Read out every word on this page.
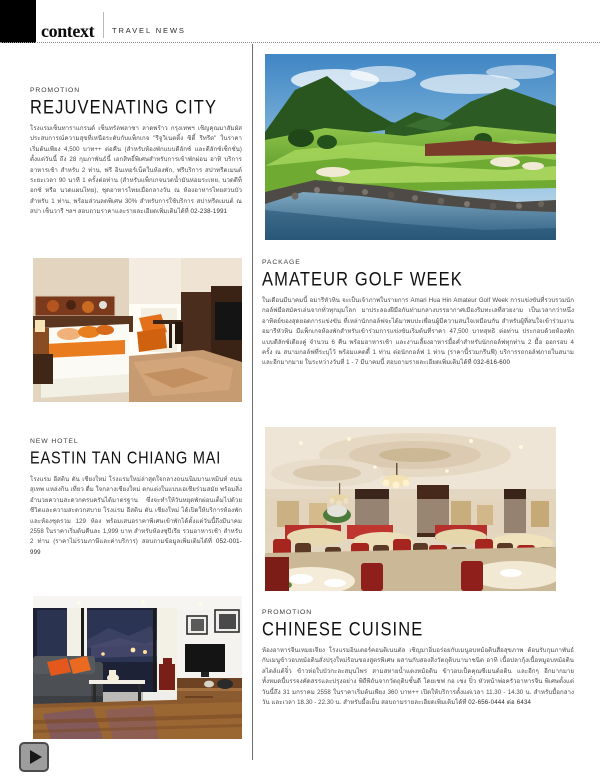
context TRAVEL NEWS
PROMOTION
REJUVENATING CITY
โรงแรมเซ็นทาราแกรนด์ เซ็นทรัลพลาซา ลาดพร้าว กรุงเทพฯ เชิญคุณมาสัมผัสประสบการณ์ความสุขที่เหนือระดับกับแพ็กเกจ "รีจูวิเนตติ้ง ซิตี้ รีทรีต" ในราคาเริ่มต้นเพียง 4,500 บาท++ ต่อคืน (สำหรับห้องพักแบบดีลักซ์ และดีลักซ์เซ็กชั่น) ตั้งแต่วันนี้ ถึง 28 กุมภาพันธ์นี้ เอกสิทธิ์พิเศษสำหรับการเข้าพักผ่อน อาทิ บริการอาหารเช้า สำหรับ 2 ท่าน, ฟรี อินเทอร์เน็ตในห้องพัก, ฟรีบริการ สปาทรีตเมนต์ ระยะเวลา 90 นาที 1 ครั้งต่อท่าน (สำหรับแพ็กเกจนวดน้ำมันหอมระเหย, นวดดีท็อกซ์ หรือ นวดแผนไทย), ชุดอาหารไทยเมื่อกลางวัน ณ ห้องอาหารไทยสวนบัว สำหรับ 1 ท่าน, พร้อมส่วนลดพิเศษ 30% สำหรับการใช้บริการ สปาทรีตเมนต์ ณ สปา เซ็นวารี ฯลฯ สอบถามราคาและรายละเอียดเพิ่มเติมได้ที่ 02-238-1991
PACKAGE
AMATEUR GOLF WEEK
ในเดือนมีนาคมนี้ อมารีหัวหิน จะเป็นเจ้าภาพในรายการ Amari Hua Hin Amateur Golf Week การแข่งขันที่รวบรวมนักกอล์ฟมือสมัครเล่นจากทั่วทุกมุมโลก มาประลองฝีมือกันท่ามกลางบรรยากาศเมืองริมทะเลที่สวยงาม เป็นเวลากว่าหนึ่งอาทิตย์ของสุดยอดการแข่งขัน ที่เหล่านักกอล์ฟจะได้มาพบปะเพื่อนผู้มีความสนใจเหมือนกัน สำหรับผู้ที่สนใจเข้าร่วมงาน อมารีหัวหิน มีแพ็กเกจห้องพักสำหรับเข้าร่วมการแข่งขันเริ่มต้นที่ราคา 47,500 บาทสุทธิ ต่อท่าน ประกอบด้วยห้องพักแบบดีลักซ์เตียงคู่ จำนวน 6 คืน พร้อมอาหารเช้า และงานเลี้ยงอาหารมื้อค่ำสำหรับนักกอล์ฟทุกท่าน 2 มื้อ ออกรอบ 4 ครั้ง ณ สนามกอล์ฟที่ระบุไว้ พร้อมแคดดี้ 1 ท่าน ต่อนักกอล์ฟ 1 ท่าน (ราคานี้รวมกรีนฟี) บริการรถกอล์ฟภายในสนาม และอีกมากมาย ในระหว่างวันที่ 1 - 7 มีนาคมนี้ สอบถามรายละเอียดเพิ่มเติมได้ที่ 032-616-600
NEW HOTEL
EASTIN TAN CHIANG MAI
โรงแรม อีสติน ตัน เชียงใหม่ โรงแรมใหม่ล่าสุดใจกลางถนนนิมมานเหมินท์ ถนนสุเทพ แหล่งกิน เที่ยว ดื่ม ใจกลางเชียงใหม่ ตกแต่งในแบบเอเชียร่วมสมัย พร้อมสิ่งอำนวยความสะดวกครบครันได้มาตรฐาน ซึ่งจะทำให้วันหยุดพักผ่อนเต็มไปด้วยชีวิตและความสะดวกสบาย โรงแรม อีสติน ตัน เชียงใหม่ ได้เปิดให้บริการห้องพักและห้องชุดรวม 129 ห้อง พร้อมเสนอราคาพิเศษเข้าพักได้ตั้งแต่วันนี้ถึงมีนาคม 2558 ในราคาเริ่มต้นคืนละ 1,999 บาท สำหรับห้องซุปีเรีย รวมอาหารเช้า สำหรับ 2 ท่าน (ราคาไม่รวมภาษีและค่าบริการ) สอบถามข้อมูลเพิ่มเติมได้ที่ 052-001-999
PROMOTION
CHINESE CUISINE
ห้องอาหารจีนเหมยเจียง โรงแรมอินเตอร์คอนติเนนตัล เชิญมาอิ่มอร่อยกับเมนูอบหม้อดินสื่อสุขภาพ ต้อนรับกุมภาพันธ์ กับเมนูข้าวอบหม้อดินสั่งปรุงใหม่ร้อนของสูตรพิเศษ ผสานกับสองสิ่งวัตถุดิบนานาชนิด อาทิ เนื้อปลากุ้งเนื้อหมูอบหม้อดินสไตล์แต้จิ๋ว ข้าวห่อใบบัวกะละสมุนไพร สามสหายน้ำแดงหม้อดิน ข้าวอบเป็ดคุณซีเมนต์อดิน และอีกๆ อีกมากมาย ทั้งหมดนี้บรรจงคัดสรรและปรุงอย่าง พิถีพิถันจากวัตถุดิบชั้นดี โดยเชฟ กอ เชง ปิ๋ว หัวหน้าพ่อครัวอาหารจีน พิเศษตั้งแต่วันนี้ถึง 31 มกราคม 2558 ในราคาเริ่มต้นเพียง 360 บาท++ เปิดให้บริการตั้งแต่เวลา 11.30 - 14.30 น. สำหรับมื้อกลางวัน และเวลา 18.30 - 22.30 น. สำหรับมื้อเย็น สอบถามรายละเอียดเพิ่มเติมได้ที่ 02-656-0444 ต่อ 6434
